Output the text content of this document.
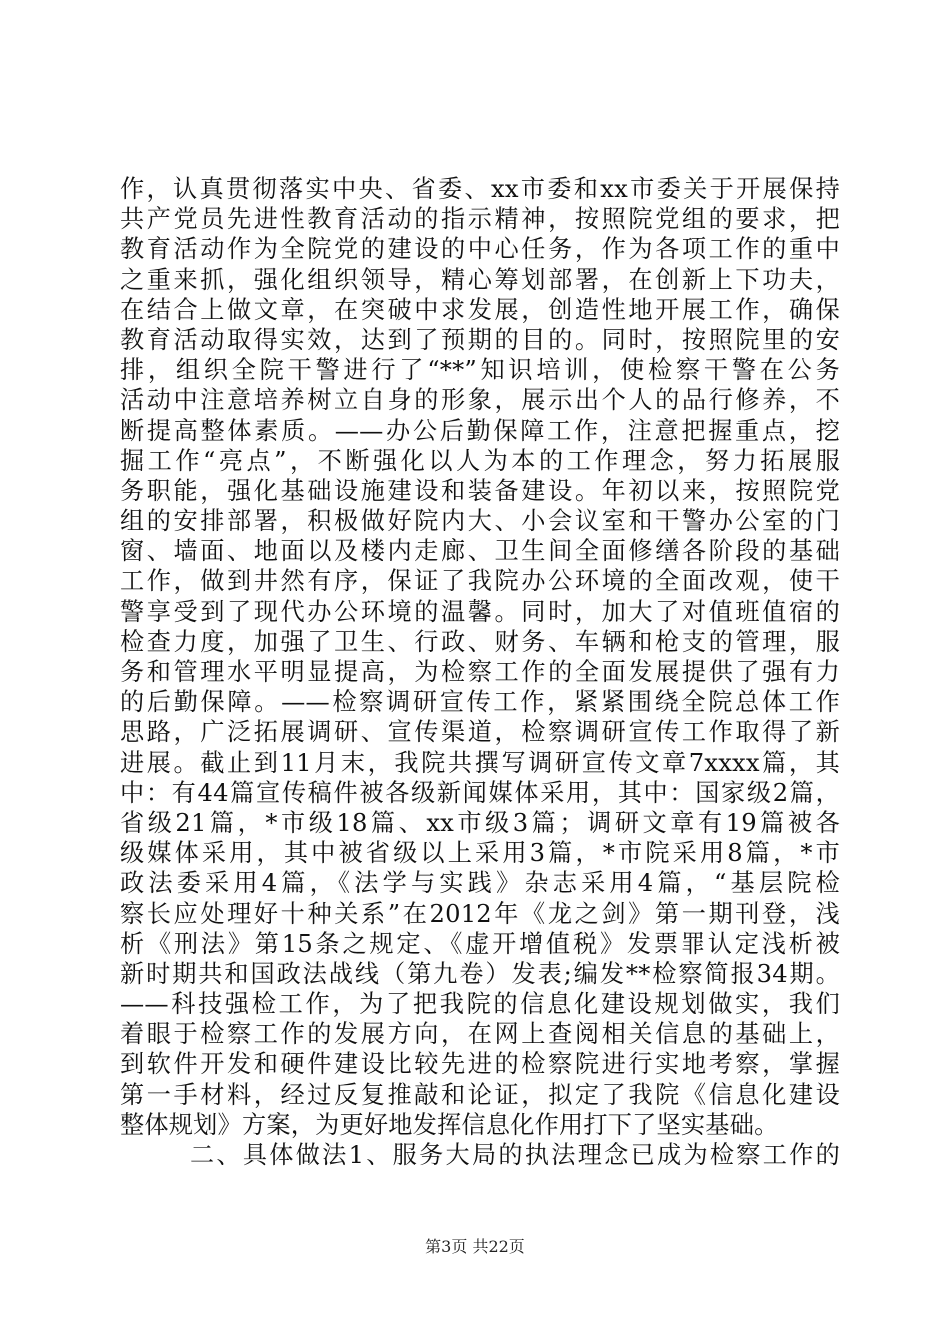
作，认真贯彻落实中央、省委、xx市委和xx市委关于开展保持
共产党员先进性教育活动的指示精神，按照院党组的要求，把
教育活动作为全院党的建设的中心任务，作为各项工作的重中
之重来抓，强化组织领导，精心筹划部署，在创新上下功夫，
在结合上做文章，在突破中求发展，创造性地开展工作，确保
教育活动取得实效，达到了预期的目的。同时，按照院里的安
排，组织全院干警进行了“**”知识培训，使检察干警在公务
活动中注意培养树立自身的形象，展示出个人的品行修养，不
断提高整体素质。——办公后勤保障工作，注意把握重点，挖
掘工作“亮点”，不断强化以人为本的工作理念，努力拓展服
务职能，强化基础设施建设和装备建设。年初以来，按照院党
组的安排部署，积极做好院内大、小会议室和干警办公室的门
窗、墙面、地面以及楼内走廊、卫生间全面修缮各阶段的基础
工作，做到井然有序，保证了我院办公环境的全面改观，使干
警享受到了现代办公环境的温馨。同时，加大了对值班值宿的
检查力度，加强了卫生、行政、财务、车辆和枪支的管理，服
务和管理水平明显提高，为检察工作的全面发展提供了强有力
的后勤保障。——检察调研宣传工作，紧紧围绕全院总体工作
思路，广泛拓展调研、宣传渠道，检察调研宣传工作取得了新
进展。截止到11月末，我院共撰写调研宣传文章7xxxx篇，其
中：有44篇宣传稿件被各级新闻媒体采用，其中：国家级2篇，
省级21篇，*市级18篇、xx市级3篇；调研文章有19篇被各
级媒体采用，其中被省级以上采用3篇，*市院采用8篇，*市
政法委采用4篇，《法学与实践》杂志采用4篇，“基层院检
察长应处理好十种关系”在2012年《龙之剑》第一期刊登，浅
析《刑法》第15条之规定、《虚开增值税》发票罪认定浅析被
新时期共和国政法战线（第九卷）发表;编发**检察简报34期。
——科技强检工作，为了把我院的信息化建设规划做实，我们
着眼于检察工作的发展方向，在网上查阅相关信息的基础上，
到软件开发和硬件建设比较先进的检察院进行实地考察，掌握
第一手材料，经过反复推敲和论证，拟定了我院《信息化建设
整体规划》方案，为更好地发挥信息化作用打下了坚实基础。
二、具体做法1、服务大局的执法理念已成为检察工作的
第3页 共22页
